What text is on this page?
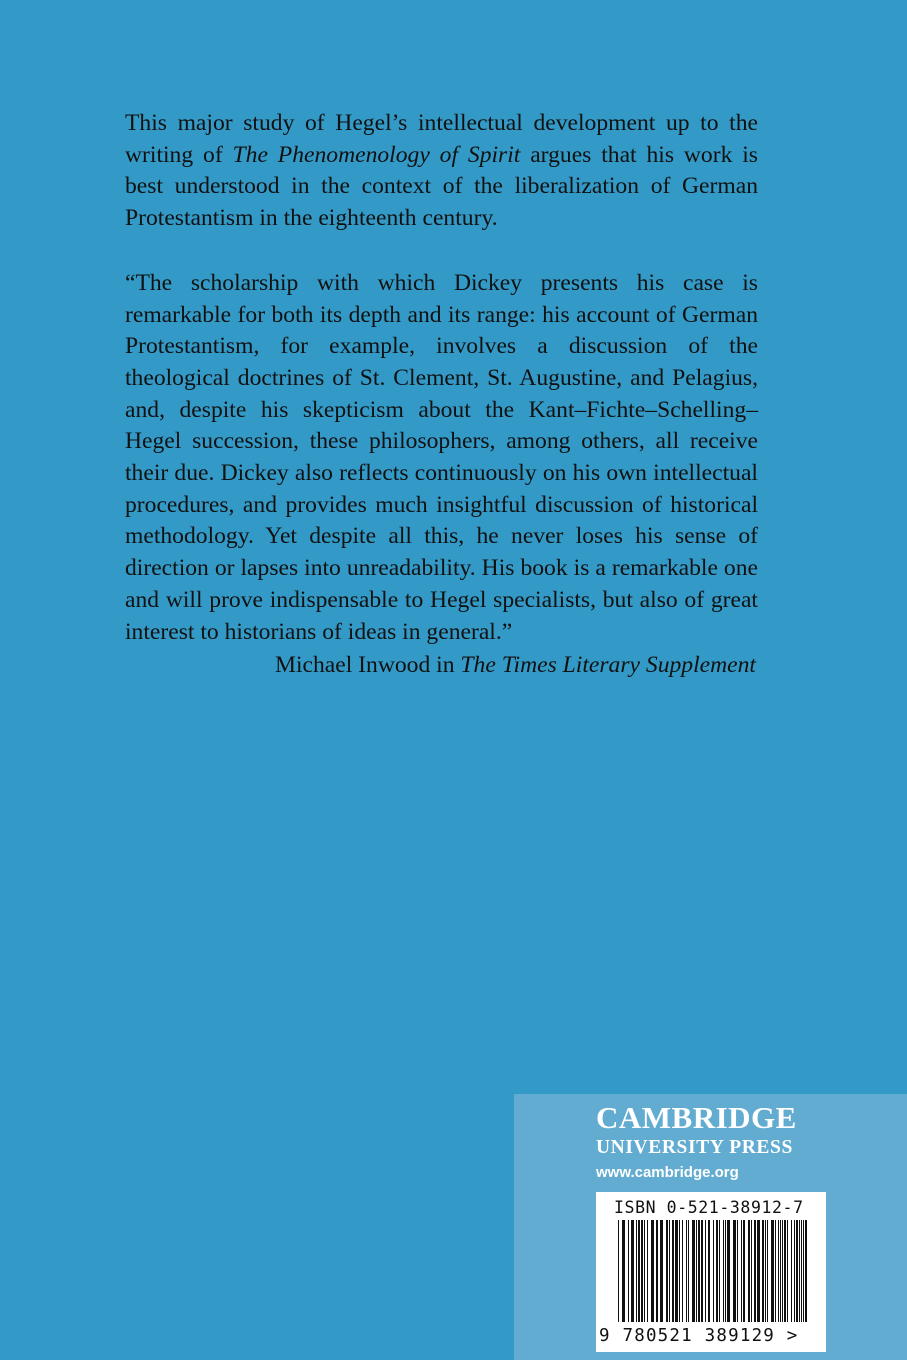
This major study of Hegel’s intellectual development up to the writing of The Phenomenology of Spirit argues that his work is best understood in the context of the liberalization of German Protestantism in the eighteenth century.

“The scholarship with which Dickey presents his case is remarkable for both its depth and its range: his account of German Protestantism, for example, involves a discussion of the theological doctrines of St. Clement, St. Augustine, and Pelagius, and, despite his skepticism about the Kant–Fichte–Schelling–Hegel succession, these philosophers, among others, all receive their due. Dickey also reflects continuously on his own intellectual procedures, and provides much insightful discussion of historical methodology. Yet despite all this, he never loses his sense of direction or lapses into unreadability. His book is a remarkable one and will prove indispensable to Hegel specialists, but also of great interest to historians of ideas in general.”

Michael Inwood in The Times Literary Supplement
CAMBRIDGE
UNIVERSITY PRESS
www.cambridge.org
ISBN 0-521-38912-7
9 780521 389129 >
